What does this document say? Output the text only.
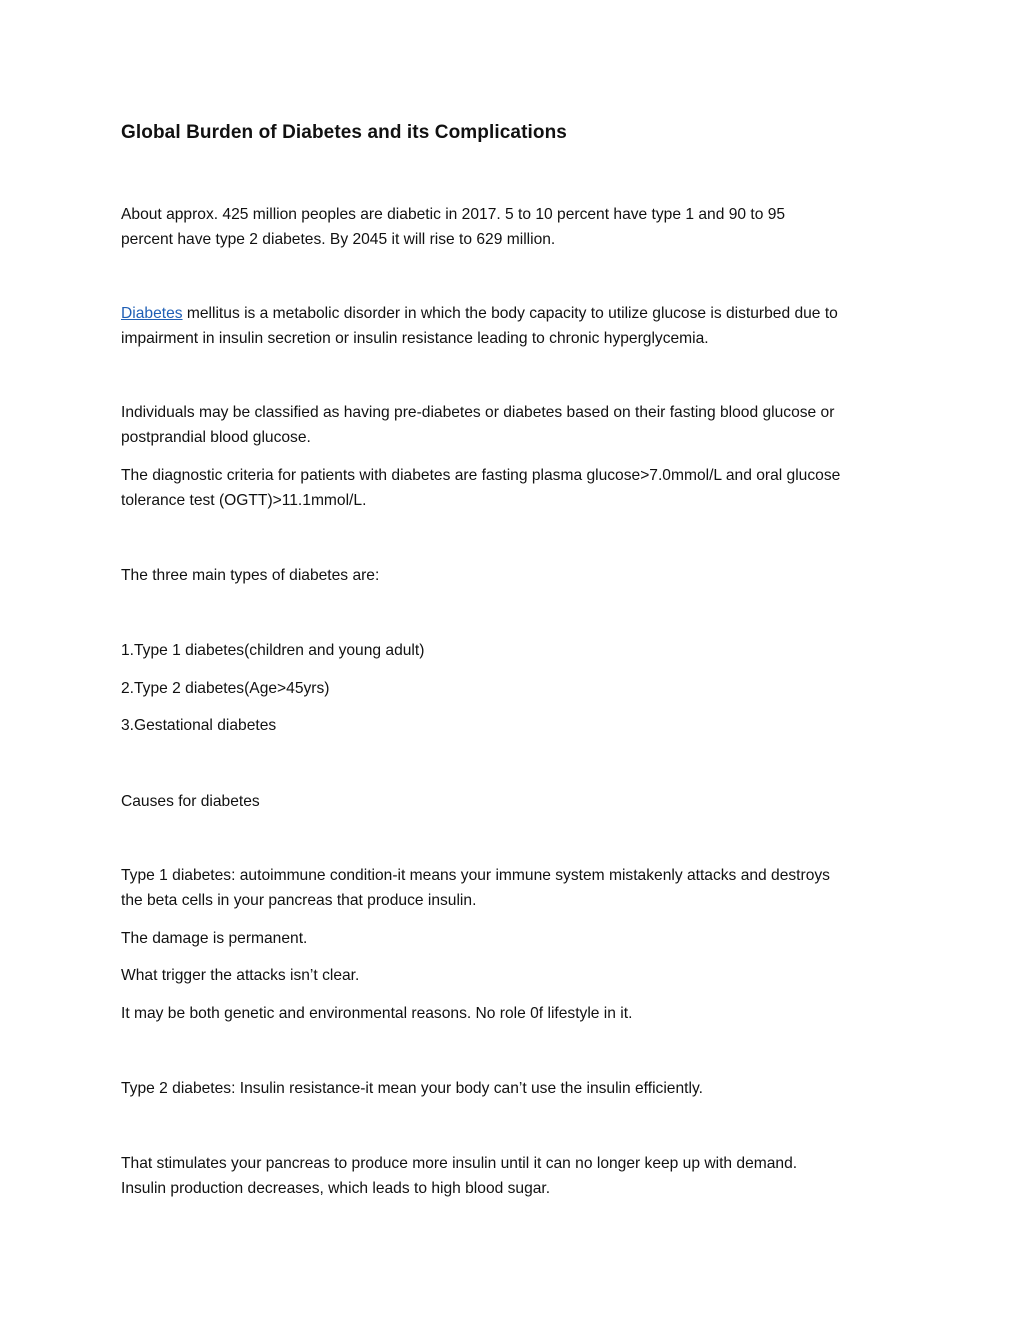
Global Burden of Diabetes and its Complications

About approx. 425 million peoples are diabetic in 2017. 5 to 10 percent have type 1 and 90 to 95
percent have type 2 diabetes. By 2045 it will rise to 629 million.

Diabetes mellitus is a metabolic disorder in which the body capacity to utilize glucose is disturbed due to
impairment in insulin secretion or insulin resistance leading to chronic hyperglycemia.

Individuals may be classified as having pre-diabetes or diabetes based on their fasting blood glucose or
postprandial blood glucose.

The diagnostic criteria for patients with diabetes are fasting plasma glucose>7.0mmol/L and oral glucose
tolerance test (OGTT)>11.1mmol/L.

The three main types of diabetes are:

1.Type 1 diabetes(children and young adult)

2.Type 2 diabetes(Age>45yrs)

3.Gestational diabetes

Causes for diabetes

Type 1 diabetes: autoimmune condition-it means your immune system mistakenly attacks and destroys
the beta cells in your pancreas that produce insulin.

The damage is permanent.

What trigger the attacks isn’t clear.

It may be both genetic and environmental reasons. No role 0f lifestyle in it.

Type 2 diabetes: Insulin resistance-it mean your body can’t use the insulin efficiently.

That stimulates your pancreas to produce more insulin until it can no longer keep up with demand.
Insulin production decreases, which leads to high blood sugar.
